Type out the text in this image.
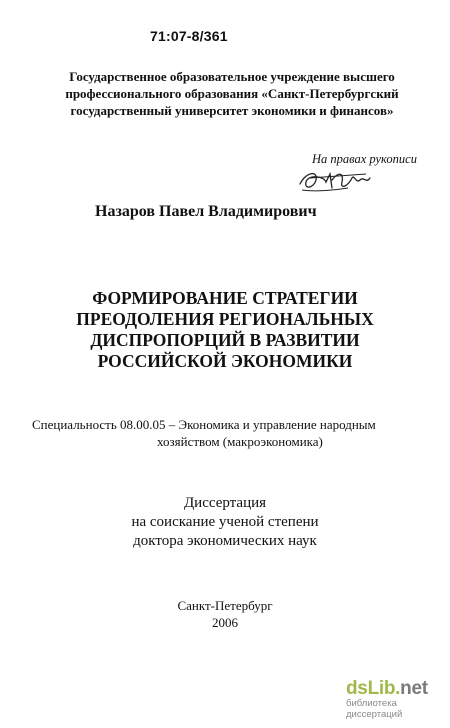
71:07-8/361
Государственное образовательное учреждение высшего
профессионального образования «Санкт-Петербургский
государственный университет экономики и финансов»
На правах рукописи
Назаров Павел Владимирович
ФОРМИРОВАНИЕ СТРАТЕГИИ
ПРЕОДОЛЕНИЯ РЕГИОНАЛЬНЫХ
ДИСПРОПОРЦИЙ В РАЗВИТИИ
РОССИЙСКОЙ ЭКОНОМИКИ
Специальность 08.00.05 – Экономика и управление народным
хозяйством (макроэкономика)
Диссертация
на соискание ученой степени
доктора экономических наук
Санкт-Петербург
2006
dsLib.net
библиотека диссертаций
